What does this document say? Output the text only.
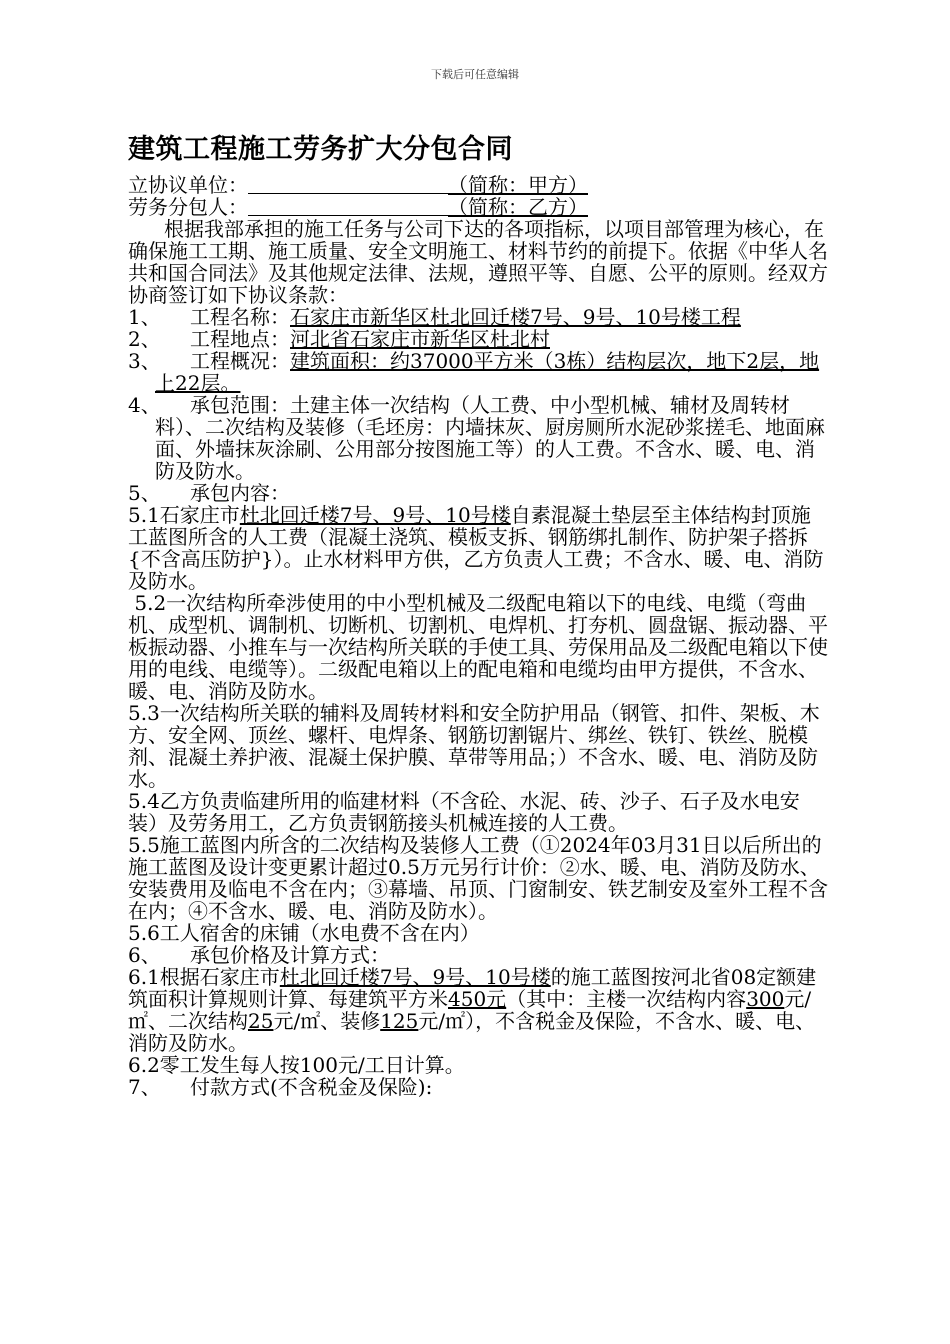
下载后可任意编辑
建筑工程施工劳务扩大分包合同

立协议单位：	（简称：甲方）

劳务分包人：	（简称：乙方）

根据我部承担的施工任务与公司下达的各项指标，以项目部管理为核心，在确保施工工期、施工质量、安全文明施工、材料节约的前提下。依据《中华人名共和国合同法》及其他规定法律、法规，遵照平等、自愿、公平的原则。经双方协商签订如下协议条款：

1、 工程名称：石家庄市新华区杜北回迁楼7号、9号、10号楼工程

2、 工程地点：河北省石家庄市新华区杜北村

3、 工程概况：建筑面积：约37000平方米（3栋）结构层次，地下2层，地上22层。

4、 承包范围：土建主体一次结构（人工费、中小型机械、辅材及周转材料）、二次结构及装修（毛坯房：内墙抹灰、厨房厕所水泥砂浆搓毛、地面麻面、外墙抹灰涂刷、公用部分按图施工等）的人工费。不含水、暖、电、消防及防水。

5、 承包内容：

5.1石家庄市杜北回迁楼7号、9号、10号楼自素混凝土垫层至主体结构封顶施工蓝图所含的人工费（混凝土浇筑、模板支拆、钢筋绑扎制作、防护架子搭拆{不含高压防护}）。止水材料甲方供，乙方负责人工费；不含水、暖、电、消防及防水。

5.2一次结构所牵涉使用的中小型机械及二级配电箱以下的电线、电缆（弯曲机、成型机、调制机、切断机、切割机、电焊机、打夯机、圆盘锯、振动器、平板振动器、小推车与一次结构所关联的手使工具、劳保用品及二级配电箱以下使用的电线、电缆等）。二级配电箱以上的配电箱和电缆均由甲方提供，不含水、暖、电、消防及防水。

5.3一次结构所关联的辅料及周转材料和安全防护用品（钢管、扣件、架板、木方、安全网、顶丝、螺杆、电焊条、钢筋切割锯片、绑丝、铁钉、铁丝、脱模剂、混凝土养护液、混凝土保护膜、草带等用品；）不含水、暖、电、消防及防水。

5.4乙方负责临建所用的临建材料（不含砼、水泥、砖、沙子、石子及水电安装）及劳务用工，乙方负责钢筋接头机械连接的人工费。

5.5施工蓝图内所含的二次结构及装修人工费（①2024年03月31日以后所出的施工蓝图及设计变更累计超过0.5万元另行计价：②水、暖、电、消防及防水、安装费用及临电不含在内；③幕墙、吊顶、门窗制安、铁艺制安及室外工程不含在内；④不含水、暖、电、消防及防水）。

5.6工人宿舍的床铺（水电费不含在内）

6、 承包价格及计算方式：

6.1根据石家庄市杜北回迁楼7号、9号、10号楼的施工蓝图按河北省08定额建筑面积计算规则计算、每建筑平方米450元（其中：主楼一次结构内容300元/㎡、二次结构25元/㎡、装修125元/㎡），不含税金及保险，不含水、暖、电、消防及防水。

6.2零工发生每人按100元/工日计算。

7、 付款方式(不含税金及保险):
